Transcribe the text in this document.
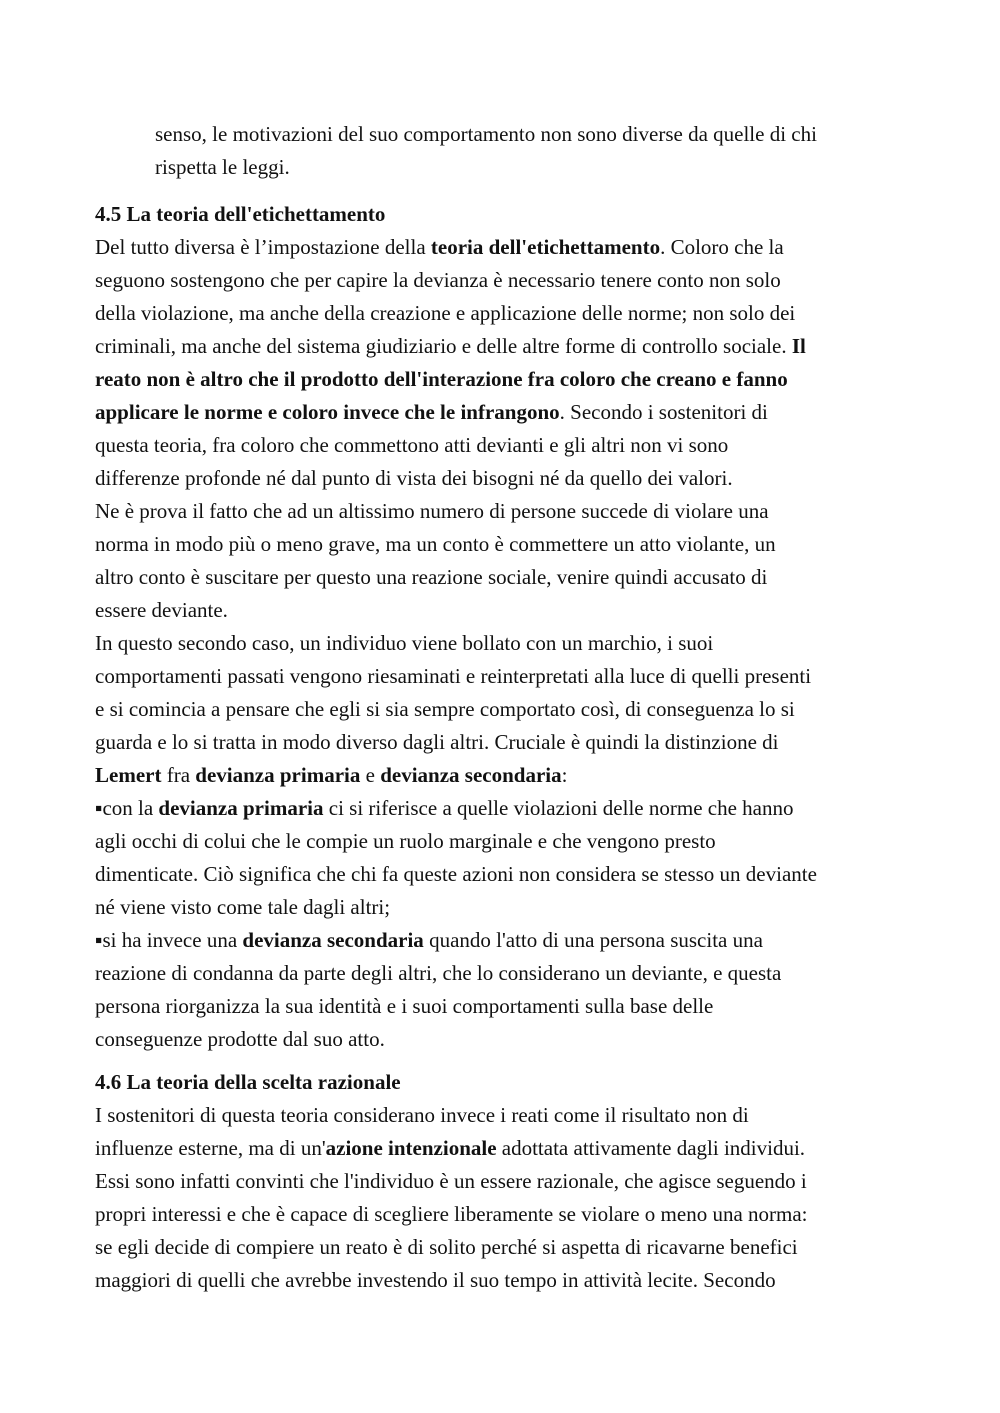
senso, le motivazioni del suo comportamento non sono diverse da quelle di chi
rispetta le leggi.
4.5 La teoria dell'etichettamento
Del tutto diversa è l’impostazione della teoria dell'etichettamento. Coloro che la
seguono sostengono che per capire la devianza è necessario tenere conto non solo
della violazione, ma anche della creazione e applicazione delle norme; non solo dei
criminali, ma anche del sistema giudiziario e delle altre forme di controllo sociale. Il
reato non è altro che il prodotto dell'interazione fra coloro che creano e fanno
applicare le norme e coloro invece che le infrangono. Secondo i sostenitori di
questa teoria, fra coloro che commettono atti devianti e gli altri non vi sono
differenze profonde né dal punto di vista dei bisogni né da quello dei valori.
Ne è prova il fatto che ad un altissimo numero di persone succede di violare una
norma in modo più o meno grave, ma un conto è commettere un atto violante, un
altro conto è suscitare per questo una reazione sociale, venire quindi accusato di
essere deviante.
In questo secondo caso, un individuo viene bollato con un marchio, i suoi
comportamenti passati vengono riesaminati e reinterpretati alla luce di quelli presenti
e si comincia a pensare che egli si sia sempre comportato così, di conseguenza lo si
guarda e lo si tratta in modo diverso dagli altri. Cruciale è quindi la distinzione di
Lemert fra devianza primaria e devianza secondaria:
▪con la devianza primaria ci si riferisce a quelle violazioni delle norme che hanno
agli occhi di colui che le compie un ruolo marginale e che vengono presto
dimenticate. Ciò significa che chi fa queste azioni non considera se stesso un deviante
né viene visto come tale dagli altri;
▪si ha invece una devianza secondaria quando l'atto di una persona suscita una
reazione di condanna da parte degli altri, che lo considerano un deviante, e questa
persona riorganizza la sua identità e i suoi comportamenti sulla base delle
conseguenze prodotte dal suo atto.
4.6 La teoria della scelta razionale
I sostenitori di questa teoria considerano invece i reati come il risultato non di
influenze esterne, ma di un'azione intenzionale adottata attivamente dagli individui.
Essi sono infatti convinti che l'individuo è un essere razionale, che agisce seguendo i
propri interessi e che è capace di scegliere liberamente se violare o meno una norma:
se egli decide di compiere un reato è di solito perché si aspetta di ricavarne benefici
maggiori di quelli che avrebbe investendo il suo tempo in attività lecite. Secondo
